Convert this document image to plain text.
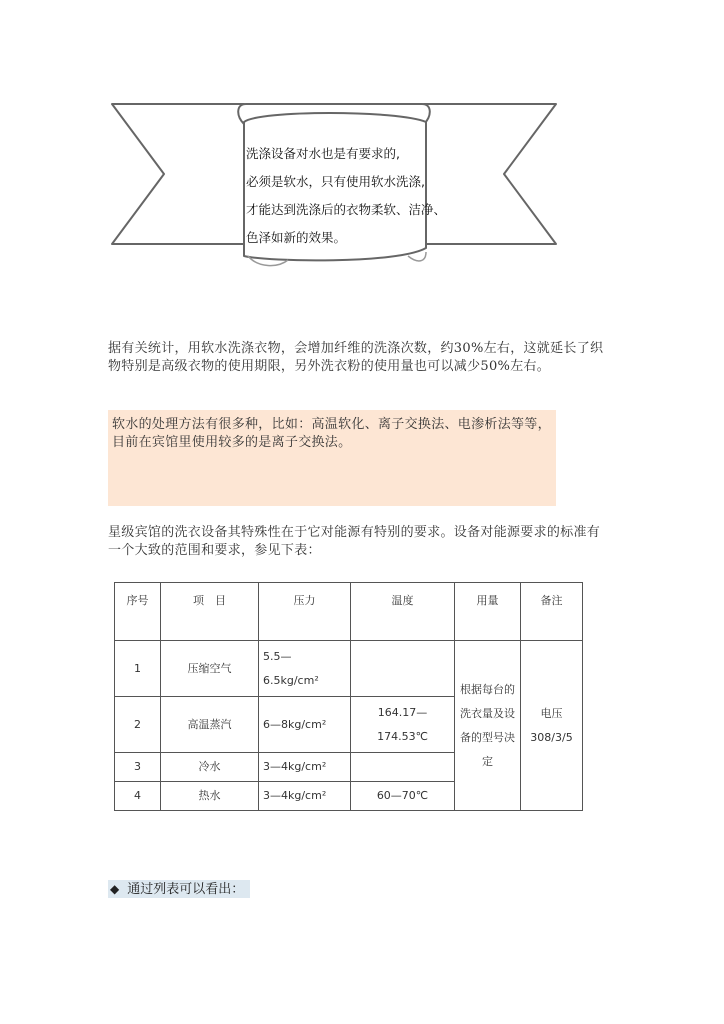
洗涤设备对水也是有要求的,
必须是软水，只有使用软水洗涤,
才能达到洗涤后的衣物柔软、洁净、
色泽如新的效果。
据有关统计，用软水洗涤衣物，会增加纤维的洗涤次数，约30%左右，这就延长了织物特别是高级衣物的使用期限，另外洗衣粉的使用量也可以减少50%左右。
软水的处理方法有很多种，比如：高温软化、离子交换法、电渗析法等等，目前在宾馆里使用较多的是离子交换法。
星级宾馆的洗衣设备其特殊性在于它对能源有特别的要求。设备对能源要求的标准有一个大致的范围和要求，参见下表：
序号	项　目	压力	温度	用量	备注
1	压缩空气	5.5—6.5kg/cm²		根据每台的洗衣量及设备的型号决定	电压308/3/5
2	高温蒸汽	6—8kg/cm²	164.17—174.53℃		
3	冷水	3—4kg/cm²			
4	热水	3—4kg/cm²	60—70℃		
◆ 通过列表可以看出：
